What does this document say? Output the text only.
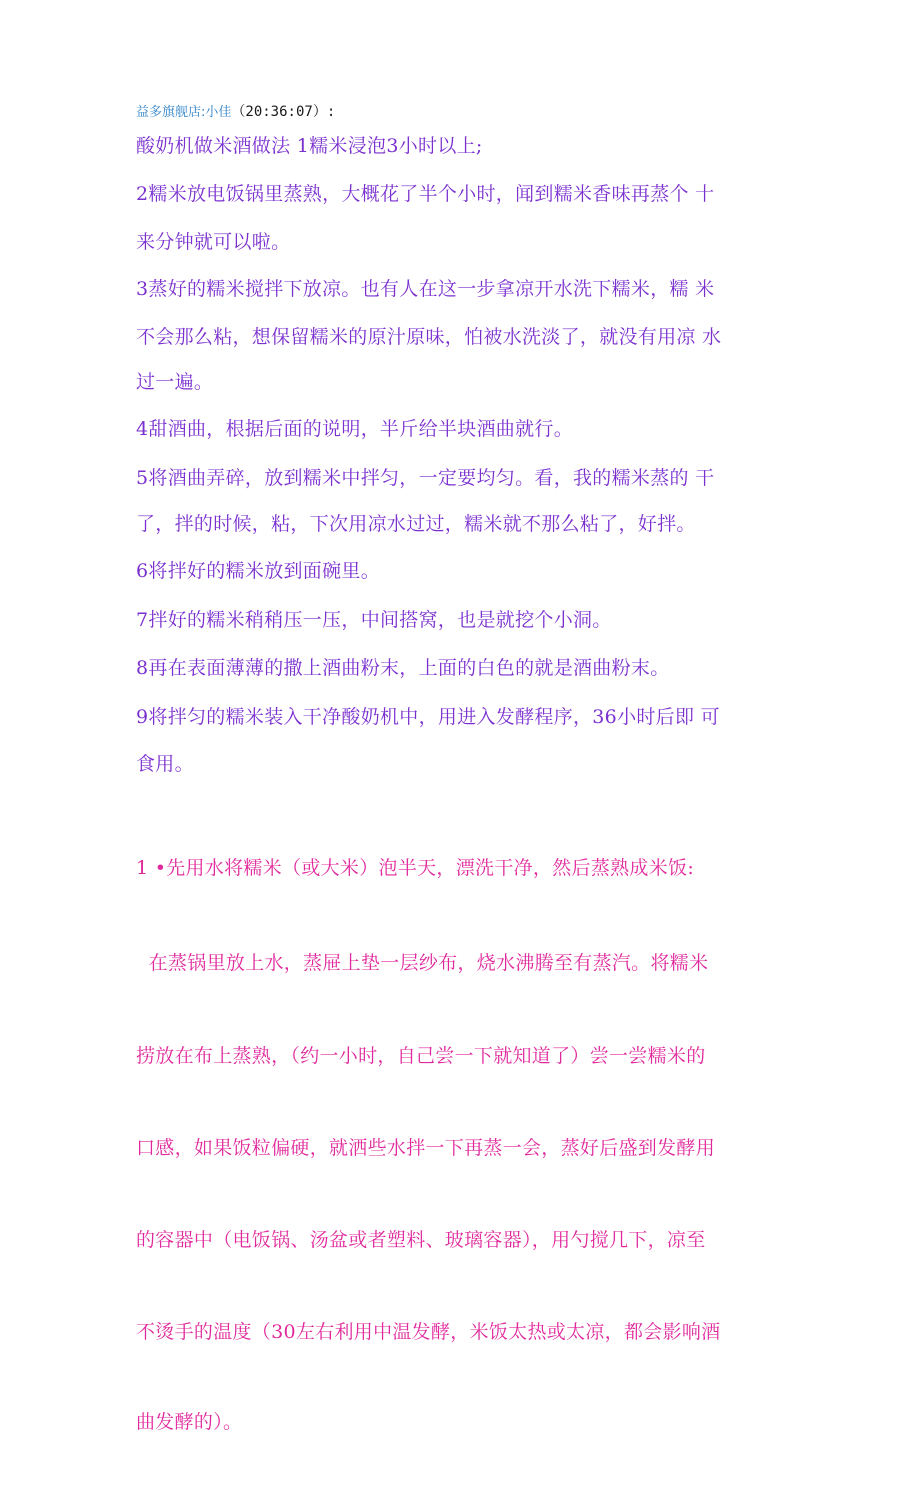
益多旗舰店:小佳（20:36:07）:
酸奶机做米酒做法 1糯米浸泡3小时以上;
2糯米放电饭锅里蒸熟，大概花了半个小时，闻到糯米香味再蒸个 十
来分钟就可以啦。
3蒸好的糯米搅拌下放凉。也有人在这一步拿凉开水洗下糯米，糯 米
不会那么粘，想保留糯米的原汁原味，怕被水洗淡了，就没有用凉 水
过一遍。
4甜酒曲，根据后面的说明，半斤给半块酒曲就行。
5将酒曲弄碎，放到糯米中拌匀，一定要均匀。看，我的糯米蒸的 干
了，拌的时候，粘，下次用凉水过过，糯米就不那么粘了，好拌。
6将拌好的糯米放到面碗里。
7拌好的糯米稍稍压一压，中间搭窝，也是就挖个小洞。
8再在表面薄薄的撒上酒曲粉末，上面的白色的就是酒曲粉末。
9将拌匀的糯米装入干净酸奶机中，用进入发酵程序，36小时后即 可
食用。

1 •先用水将糯米（或大米）泡半天，漂洗干净，然后蒸熟成米饭:

在蒸锅里放上水，蒸屉上垫一层纱布，烧水沸腾至有蒸汽。将糯米

捞放在布上蒸熟，（约一小时，自己尝一下就知道了）尝一尝糯米的

口感，如果饭粒偏硬，就洒些水拌一下再蒸一会，蒸好后盛到发酵用

的容器中（电饭锅、汤盆或者塑料、玻璃容器），用勺搅几下，凉至

不烫手的温度（30左右利用中温发酵，米饭太热或太凉，都会影响酒

曲发酵的）。
